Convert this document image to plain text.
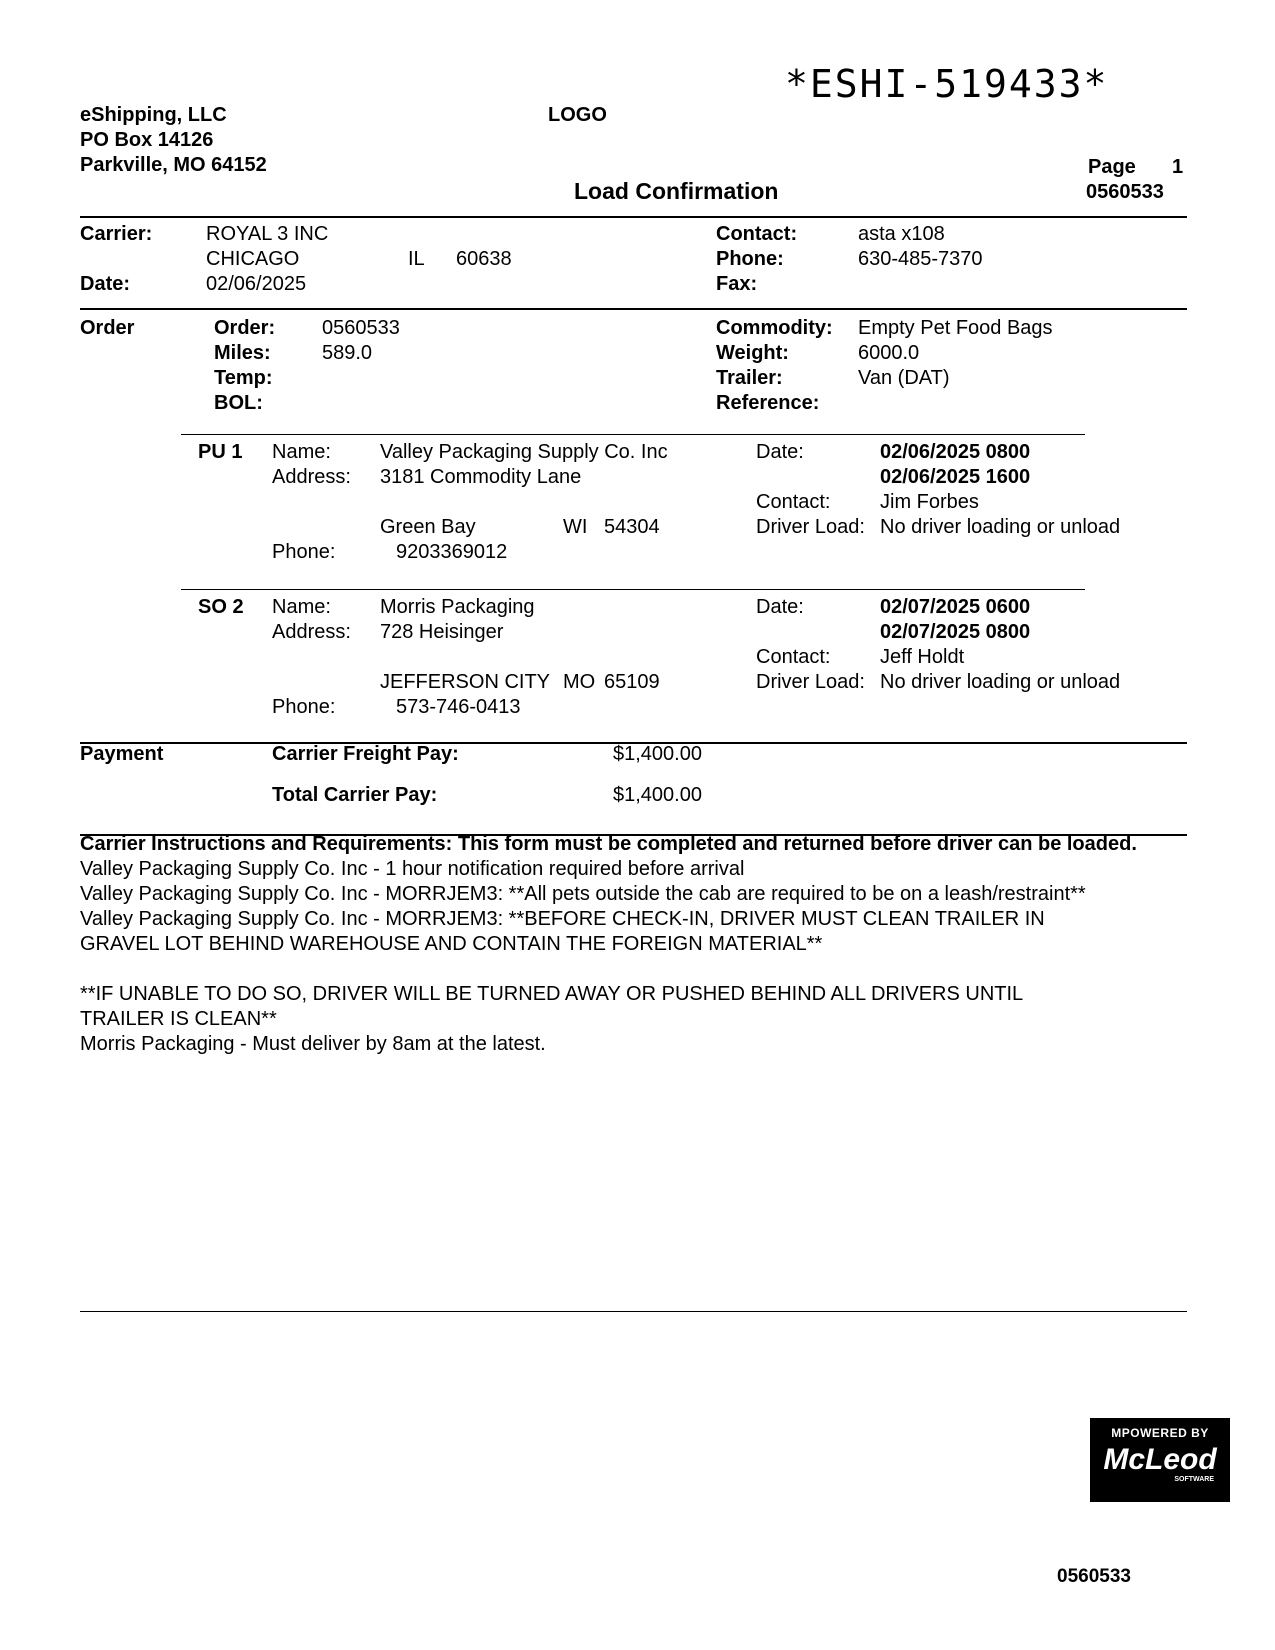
*ESHI-519433*
eShipping, LLC
PO Box 14126
Parkville, MO 64152
LOGO
Load Confirmation
Page 1
0560533
Carrier:	ROYAL 3 INC
CHICAGO	IL 60638
Date:	02/06/2025
Contact:	asta x108
Phone:	630-485-7370
Fax:
Order	Order: 0560533
Miles:	589.0
Temp:
BOL:
Commodity: Empty Pet Food Bags
Weight:	6000.0
Trailer:	Van (DAT)
Reference:
PU 1 Name: Valley Packaging Supply Co. Inc
Address: 3181 Commodity Lane
Green Bay	WI 54304
Phone:	9203369012
Date:	02/06/2025 0800
02/06/2025 1600
Contact: Jim Forbes
Driver Load: No driver loading or unload
SO 2 Name: Morris Packaging
Address: 728 Heisinger
JEFFERSON CITY MO 65109
Phone:	573-746-0413
Date:	02/07/2025 0600
02/07/2025 0800
Contact: Jeff Holdt
Driver Load: No driver loading or unload
Payment	Carrier Freight Pay:	$1,400.00
Total Carrier Pay:	$1,400.00
Carrier Instructions and Requirements: This form must be completed and returned before driver can be loaded.
Valley Packaging Supply Co. Inc - 1 hour notification required before arrival
Valley Packaging Supply Co. Inc - MORRJEM3: **All pets outside the cab are required to be on a leash/restraint**
Valley Packaging Supply Co. Inc - MORRJEM3: **BEFORE CHECK-IN, DRIVER MUST CLEAN TRAILER IN
GRAVEL LOT BEHIND WAREHOUSE AND CONTAIN THE FOREIGN MATERIAL**
**IF UNABLE TO DO SO, DRIVER WILL BE TURNED AWAY OR PUSHED BEHIND ALL DRIVERS UNTIL
TRAILER IS CLEAN**
Morris Packaging - Must deliver by 8am at the latest.
MPOWERED BY
McLeod
SOFTWARE
0560533
